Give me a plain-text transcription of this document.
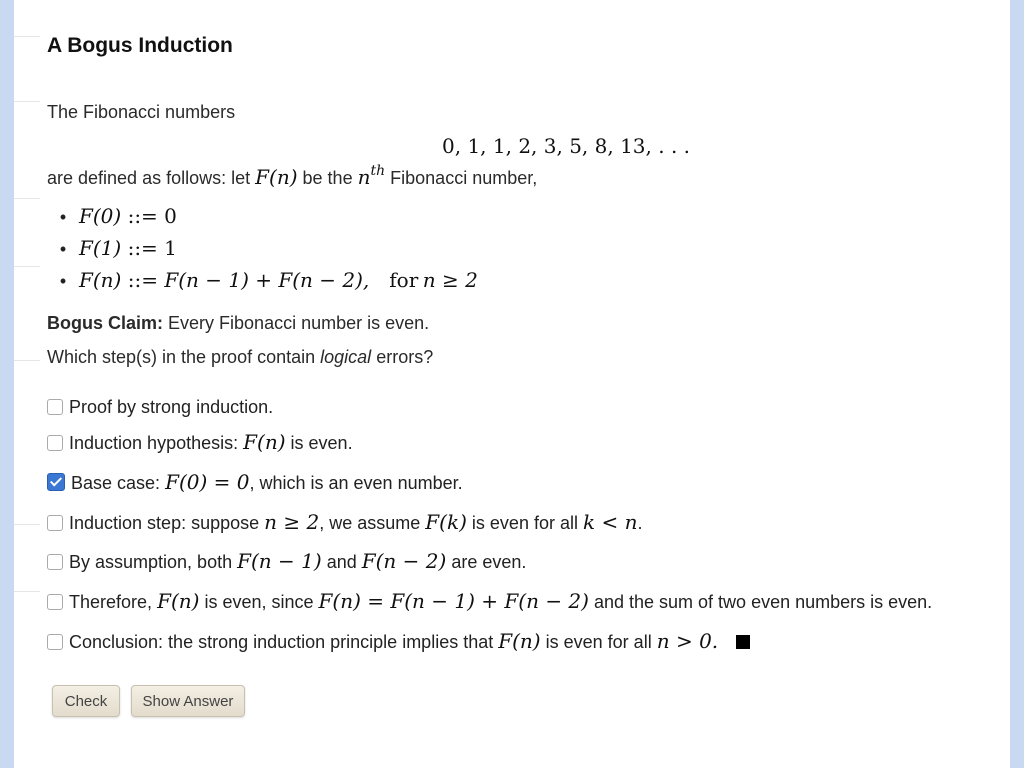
A Bogus Induction
The Fibonacci numbers
0, 1, 1, 2, 3, 5, 8, 13, . . .
are defined as follows: let F(n) be the $n^{th}$ Fibonacci number,
• F(0) ::= 0
• F(1) ::= 1
• F(n) ::= F(n − 1) + F(n − 2), for n ≥ 2
Bogus Claim: Every Fibonacci number is even.
Which step(s) in the proof contain logical errors?
Proof by strong induction.
Induction hypothesis: F(n) is even.
Base case: F(0) = 0, which is an even number.
Induction step: suppose n ≥ 2, we assume F(k) is even for all k < n.
By assumption, both F(n − 1) and F(n − 2) are even.
Therefore, F(n) is even, since F(n) = F(n − 1) + F(n − 2) and the sum of two even numbers is even.
Conclusion: the strong induction principle implies that F(n) is even for all n > 0.
Check	Show Answer
